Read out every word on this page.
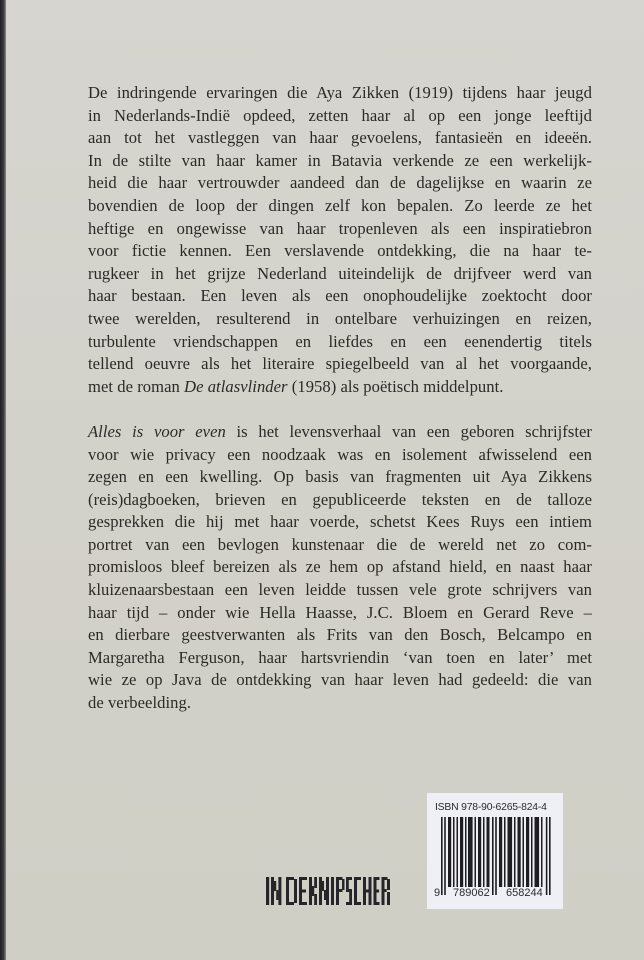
De indringende ervaringen die Aya Zikken (1919) tijdens haar jeugd
in Nederlands-Indië opdeed, zetten haar al op een jonge leeftijd
aan tot het vastleggen van haar gevoelens, fantasieën en ideeën.
In de stilte van haar kamer in Batavia verkende ze een werkelijk-
heid die haar vertrouwder aandeed dan de dagelijkse en waarin ze
bovendien de loop der dingen zelf kon bepalen. Zo leerde ze het
heftige en ongewisse van haar tropenleven als een inspiratiebron
voor fictie kennen. Een verslavende ontdekking, die na haar te-
rugkeer in het grijze Nederland uiteindelijk de drijfveer werd van
haar bestaan. Een leven als een onophoudelijke zoektocht door
twee werelden, resulterend in ontelbare verhuizingen en reizen,
turbulente vriendschappen en liefdes en een eenendertig titels
tellend oeuvre als het literaire spiegelbeeld van al het voorgaande,
met de roman De atlasvlinder (1958) als poëtisch middelpunt.

Alles is voor even is het levensverhaal van een geboren schrijfster
voor wie privacy een noodzaak was en isolement afwisselend een
zegen en een kwelling. Op basis van fragmenten uit Aya Zikkens
(reis)dagboeken, brieven en gepubliceerde teksten en de talloze
gesprekken die hij met haar voerde, schetst Kees Ruys een intiem
portret van een bevlogen kunstenaar die de wereld net zo com-
promisloos bleef bereizen als ze hem op afstand hield, en naast haar
kluizenaarsbestaan een leven leidde tussen vele grote schrijvers van
haar tijd – onder wie Hella Haasse, J.C. Bloem en Gerard Reve –
en dierbare geestverwanten als Frits van den Bosch, Belcampo en
Margaretha Ferguson, haar hartsvriendin ‘van toen en later’ met
wie ze op Java de ontdekking van haar leven had gedeeld: die van
de verbeelding.

ISBN 978-90-6265-824-4
9 789062 658244
